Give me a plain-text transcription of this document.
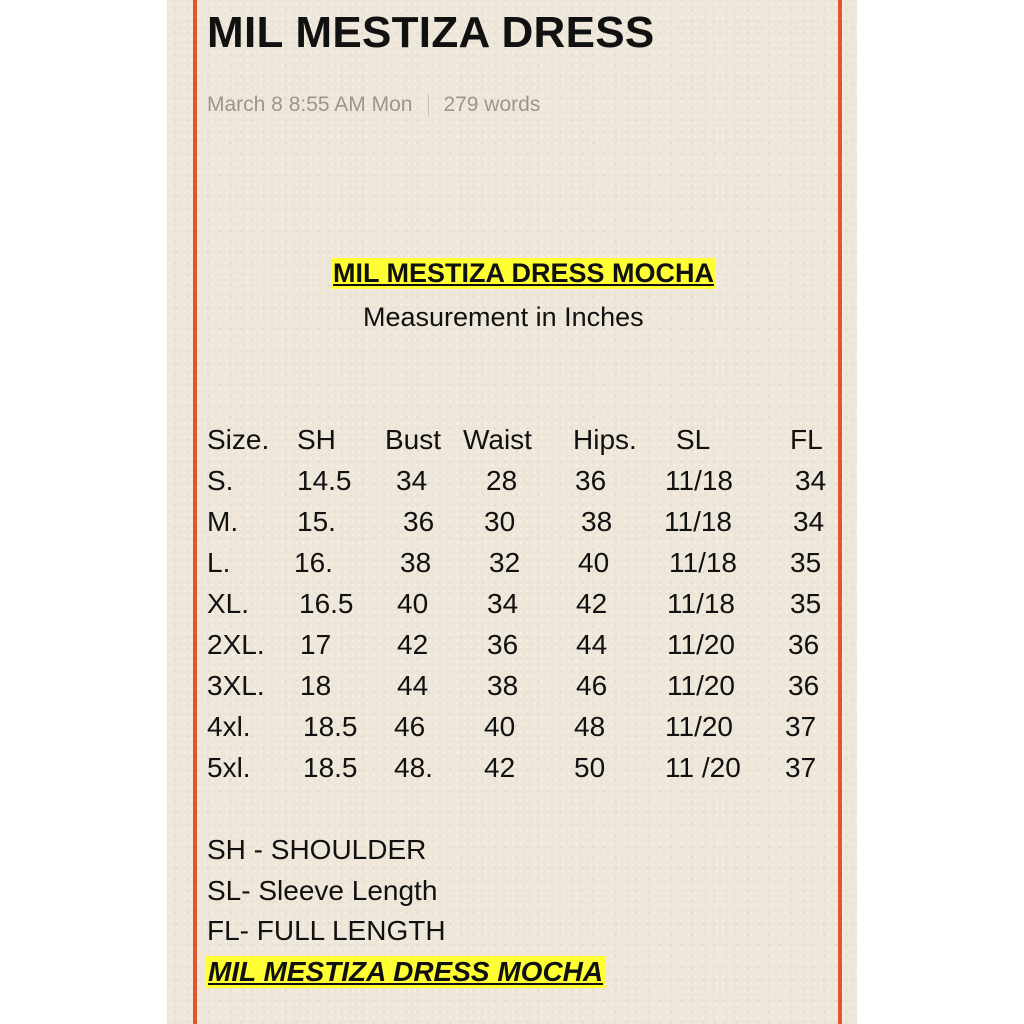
MIL MESTIZA DRESS
March 8 8:55 AM Mon 279 words
MIL MESTIZA DRESS MOCHA
Measurement in Inches
Size. SH Bust Waist Hips. SL	FL
S. 14.5 34 28 36 11/18 34
M. 15. 36 30 38 11/18 34
L. 16. 38 32 40 11/18 35
XL. 16.5 40 34 42 11/18 35
2XL. 17 42 36 44 11/20 36
3XL. 18 44 38 46 11/20 36
4xl. 18.5 46 40 48 11/20 37
5xl. 18.5 48. 42 50 11 /20 37
SH - SHOULDER
SL- Sleeve Length
FL- FULL LENGTH
MIL MESTIZA DRESS MOCHA
